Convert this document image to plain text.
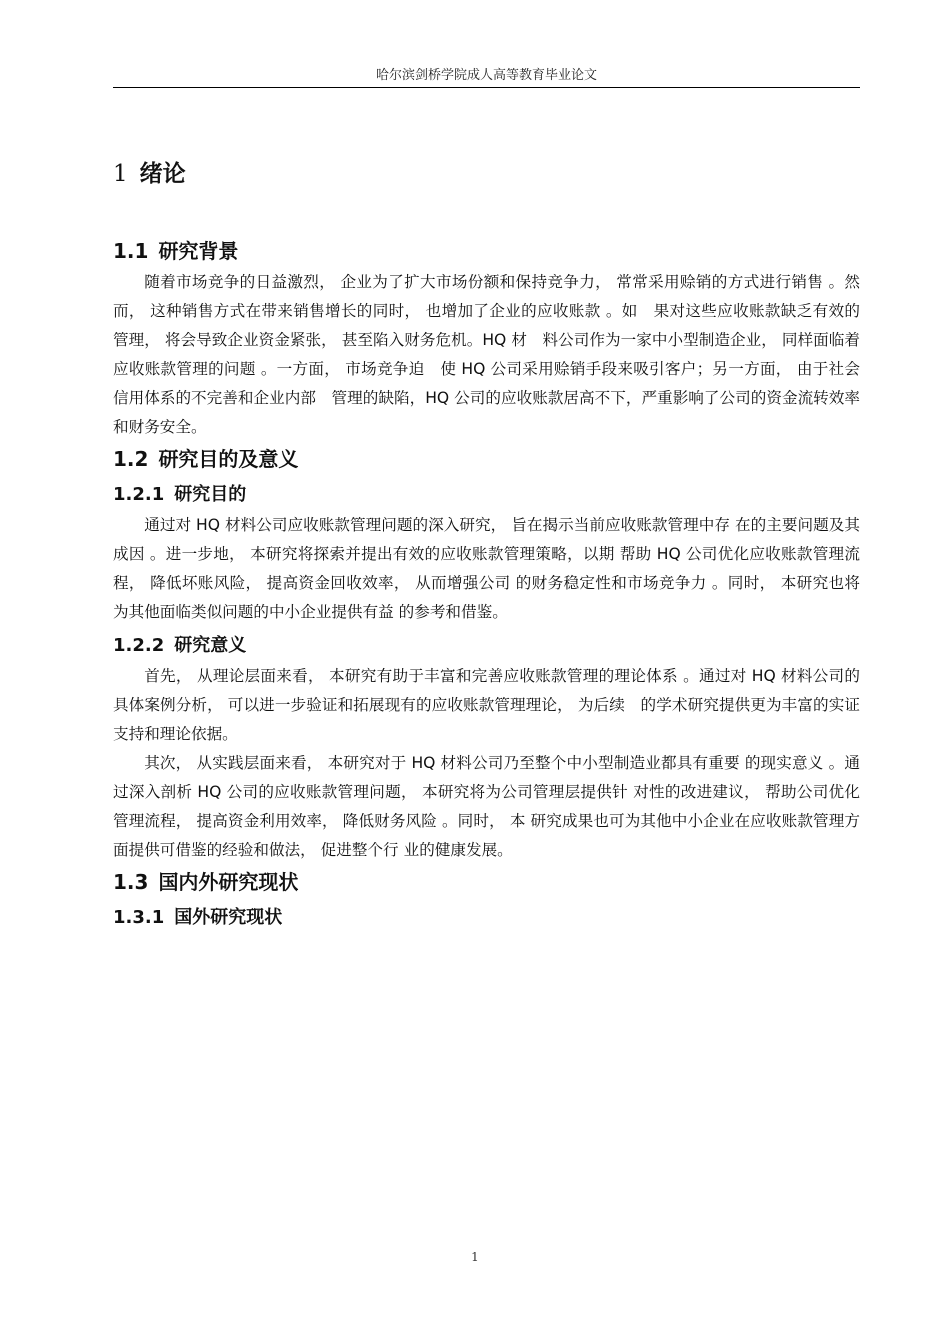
哈尔滨剑桥学院成人高等教育毕业论文
1 绪论
1.1 研究背景

随着市场竞争的日益激烈， 企业为了扩大市场份额和保持竞争力， 常常采用赊销的方式进行销售 。然而， 这种销售方式在带来销售增长的同时， 也增加了企业的应收账款 。如　果对这些应收账款缺乏有效的管理， 将会导致企业资金紧张， 甚至陷入财务危机。HQ 材　料公司作为一家中小型制造企业， 同样面临着应收账款管理的问题 。一方面， 市场竞争迫　使 HQ 公司采用赊销手段来吸引客户；另一方面， 由于社会信用体系的不完善和企业内部　管理的缺陷，HQ 公司的应收账款居高不下，严重影响了公司的资金流转效率和财务安全。

1.2 研究目的及意义
1.2.1 研究目的

通过对 HQ 材料公司应收账款管理问题的深入研究， 旨在揭示当前应收账款管理中存 在的主要问题及其成因 。进一步地， 本研究将探索并提出有效的应收账款管理策略，以期 帮助 HQ 公司优化应收账款管理流程， 降低坏账风险， 提高资金回收效率， 从而增强公司 的财务稳定性和市场竞争力 。同时， 本研究也将为其他面临类似问题的中小企业提供有益 的参考和借鉴。

1.2.2 研究意义

首先， 从理论层面来看， 本研究有助于丰富和完善应收账款管理的理论体系 。通过对 HQ 材料公司的具体案例分析， 可以进一步验证和拓展现有的应收账款管理理论， 为后续　的学术研究提供更为丰富的实证支持和理论依据。

其次， 从实践层面来看， 本研究对于 HQ 材料公司乃至整个中小型制造业都具有重要 的现实意义 。通过深入剖析 HQ 公司的应收账款管理问题， 本研究将为公司管理层提供针 对性的改进建议， 帮助公司优化管理流程， 提高资金利用效率， 降低财务风险 。同时， 本 研究成果也可为其他中小企业在应收账款管理方面提供可借鉴的经验和做法， 促进整个行 业的健康发展。

1.3 国内外研究现状
1.3.1 国外研究现状
1
